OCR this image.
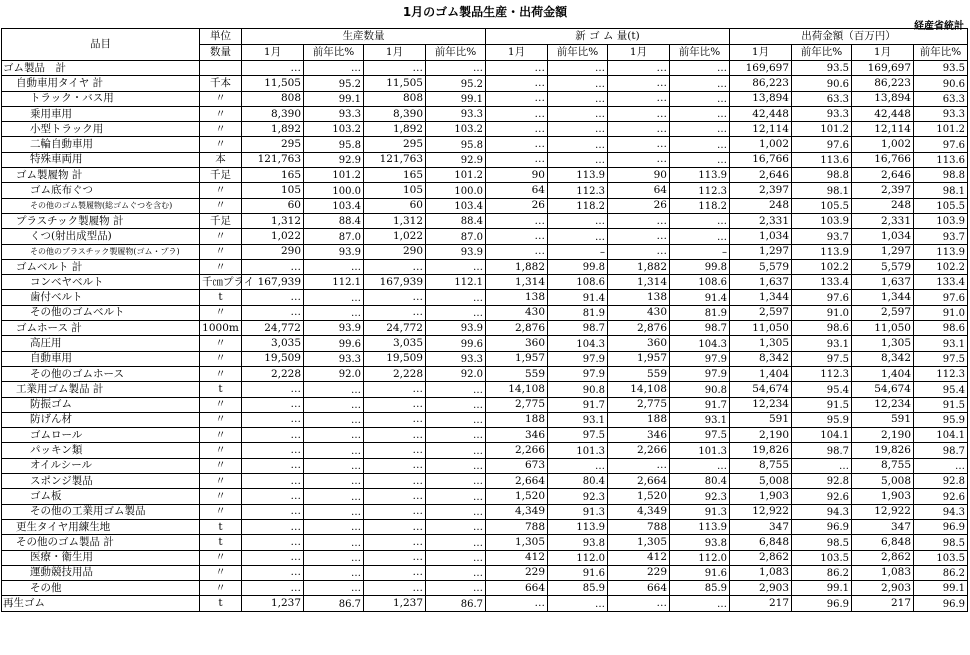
1月のゴム製品生産・出荷金額
経産省統計
品目	単位	生産数量				新 ゴ ム 量(t)				出荷金額（百万円）			
	数量	1月	前年比%	1月	前年比%	1月	前年比%	1月	前年比%	1月	前年比%	1月	前年比%
ゴム製品　計		…	…	…	…	…	…	…	…	169,697	93.5	169,697	93.5
自動車用タイヤ 計	千本	11,505	95.2	11,505	95.2	…	…	…	…	86,223	90.6	86,223	90.6
トラック・バス用	〃	808	99.1	808	99.1	…	…	…	…	13,894	63.3	13,894	63.3
乗用車用	〃	8,390	93.3	8,390	93.3	…	…	…	…	42,448	93.3	42,448	93.3
小型トラック用	〃	1,892	103.2	1,892	103.2	…	…	…	…	12,114	101.2	12,114	101.2
二輪自動車用	〃	295	95.8	295	95.8	…	…	…	…	1,002	97.6	1,002	97.6
特殊車両用	本	121,763	92.9	121,763	92.9	…	…	…	…	16,766	113.6	16,766	113.6
ゴム製履物 計	千足	165	101.2	165	101.2	90	113.9	90	113.9	2,646	98.8	2,646	98.8
ゴム底布ぐつ	〃	105	100.0	105	100.0	64	112.3	64	112.3	2,397	98.1	2,397	98.1
その他のゴム製履物(総ゴムぐつを含む)	〃	60	103.4	60	103.4	26	118.2	26	118.2	248	105.5	248	105.5
プラスチック製履物 計	千足	1,312	88.4	1,312	88.4	…	…	…	…	2,331	103.9	2,331	103.9
くつ(射出成型品)	〃	1,022	87.0	1,022	87.0	…	…	…	…	1,034	93.7	1,034	93.7
その他のプラスチック製履物(ゴム・プラ)	〃	290	93.9	290	93.9	…	–	…	–	1,297	113.9	1,297	113.9
ゴムベルト 計	〃	…	…	…	…	1,882	99.8	1,882	99.8	5,579	102.2	5,579	102.2
コンベヤベルト	千㎝プライ	167,939	112.1	167,939	112.1	1,314	108.6	1,314	108.6	1,637	133.4	1,637	133.4
歯付ベルト	t	…	…	…	…	138	91.4	138	91.4	1,344	97.6	1,344	97.6
その他のゴムベルト	〃	…	…	…	…	430	81.9	430	81.9	2,597	91.0	2,597	91.0
ゴムホース 計	1000m	24,772	93.9	24,772	93.9	2,876	98.7	2,876	98.7	11,050	98.6	11,050	98.6
高圧用	〃	3,035	99.6	3,035	99.6	360	104.3	360	104.3	1,305	93.1	1,305	93.1
自動車用	〃	19,509	93.3	19,509	93.3	1,957	97.9	1,957	97.9	8,342	97.5	8,342	97.5
その他のゴムホース	〃	2,228	92.0	2,228	92.0	559	97.9	559	97.9	1,404	112.3	1,404	112.3
工業用ゴム製品 計	t	…	…	…	…	14,108	90.8	14,108	90.8	54,674	95.4	54,674	95.4
防振ゴム	〃	…	…	…	…	2,775	91.7	2,775	91.7	12,234	91.5	12,234	91.5
防げん材	〃	…	…	…	…	188	93.1	188	93.1	591	95.9	591	95.9
ゴムロール	〃	…	…	…	…	346	97.5	346	97.5	2,190	104.1	2,190	104.1
パッキン類	〃	…	…	…	…	2,266	101.3	2,266	101.3	19,826	98.7	19,826	98.7
オイルシール	〃	…	…	…	…	673	…	…	…	8,755	…	8,755	…
スポンジ製品	〃	…	…	…	…	2,664	80.4	2,664	80.4	5,008	92.8	5,008	92.8
ゴム板	〃	…	…	…	…	1,520	92.3	1,520	92.3	1,903	92.6	1,903	92.6
その他の工業用ゴム製品	〃	…	…	…	…	4,349	91.3	4,349	91.3	12,922	94.3	12,922	94.3
更生タイヤ用練生地	t	…	…	…	…	788	113.9	788	113.9	347	96.9	347	96.9
その他のゴム製品 計	t	…	…	…	…	1,305	93.8	1,305	93.8	6,848	98.5	6,848	98.5
医療・衛生用	〃	…	…	…	…	412	112.0	412	112.0	2,862	103.5	2,862	103.5
運動競技用品	〃	…	…	…	…	229	91.6	229	91.6	1,083	86.2	1,083	86.2
その他	〃	…	…	…	…	664	85.9	664	85.9	2,903	99.1	2,903	99.1
再生ゴム	t	1,237	86.7	1,237	86.7	…	…	…	…	217	96.9	217	96.9
